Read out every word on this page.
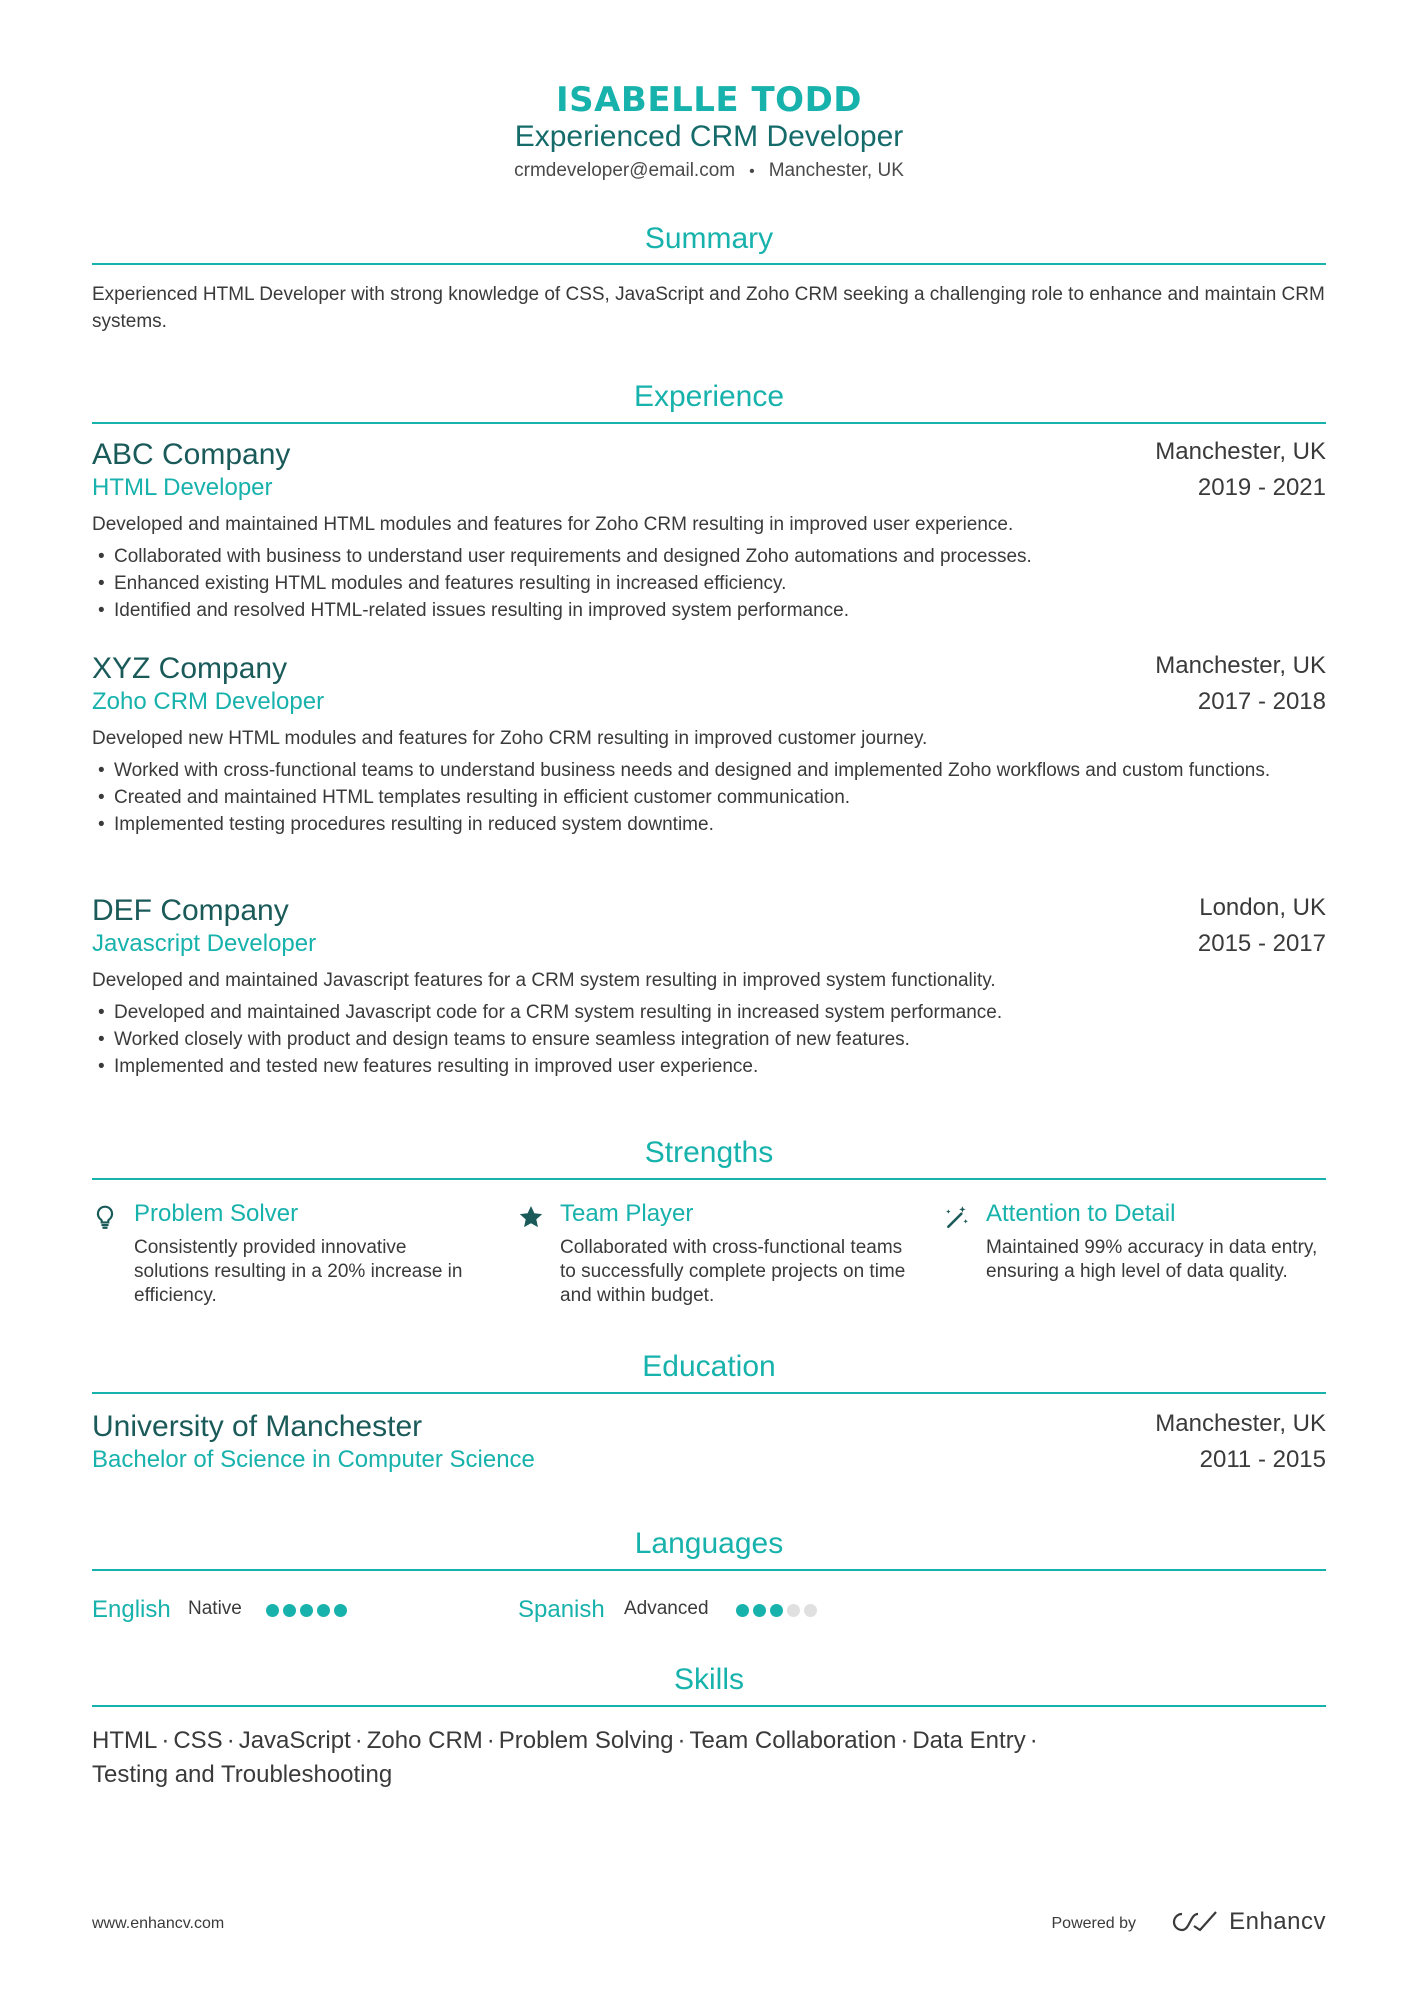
ISABELLE TODD
Experienced CRM Developer
crmdeveloper@email.com • Manchester, UK
Summary
Experienced HTML Developer with strong knowledge of CSS, JavaScript and Zoho CRM seeking a challenging role to enhance and maintain CRM systems.
Experience
ABC Company
HTML Developer
Manchester, UK
2019 - 2021
Developed and maintained HTML modules and features for Zoho CRM resulting in improved user experience.
• Collaborated with business to understand user requirements and designed Zoho automations and processes.
• Enhanced existing HTML modules and features resulting in increased efficiency.
• Identified and resolved HTML-related issues resulting in improved system performance.
XYZ Company
Zoho CRM Developer
Manchester, UK
2017 - 2018
Developed new HTML modules and features for Zoho CRM resulting in improved customer journey.
• Worked with cross-functional teams to understand business needs and designed and implemented Zoho workflows and custom functions.
• Created and maintained HTML templates resulting in efficient customer communication.
• Implemented testing procedures resulting in reduced system downtime.
DEF Company
Javascript Developer
London, UK
2015 - 2017
Developed and maintained Javascript features for a CRM system resulting in improved system functionality.
• Developed and maintained Javascript code for a CRM system resulting in increased system performance.
• Worked closely with product and design teams to ensure seamless integration of new features.
• Implemented and tested new features resulting in improved user experience.
Strengths
Problem Solver
Consistently provided innovative solutions resulting in a 20% increase in efficiency.
Team Player
Collaborated with cross-functional teams to successfully complete projects on time and within budget.
Attention to Detail
Maintained 99% accuracy in data entry, ensuring a high level of data quality.
Education
University of Manchester
Bachelor of Science in Computer Science
Manchester, UK
2011 - 2015
Languages
English Native	Spanish Advanced
Skills
HTML · CSS · JavaScript · Zoho CRM · Problem Solving · Team Collaboration · Data Entry ·
Testing and Troubleshooting
www.enhancv.com	Powered by	Enhancv
